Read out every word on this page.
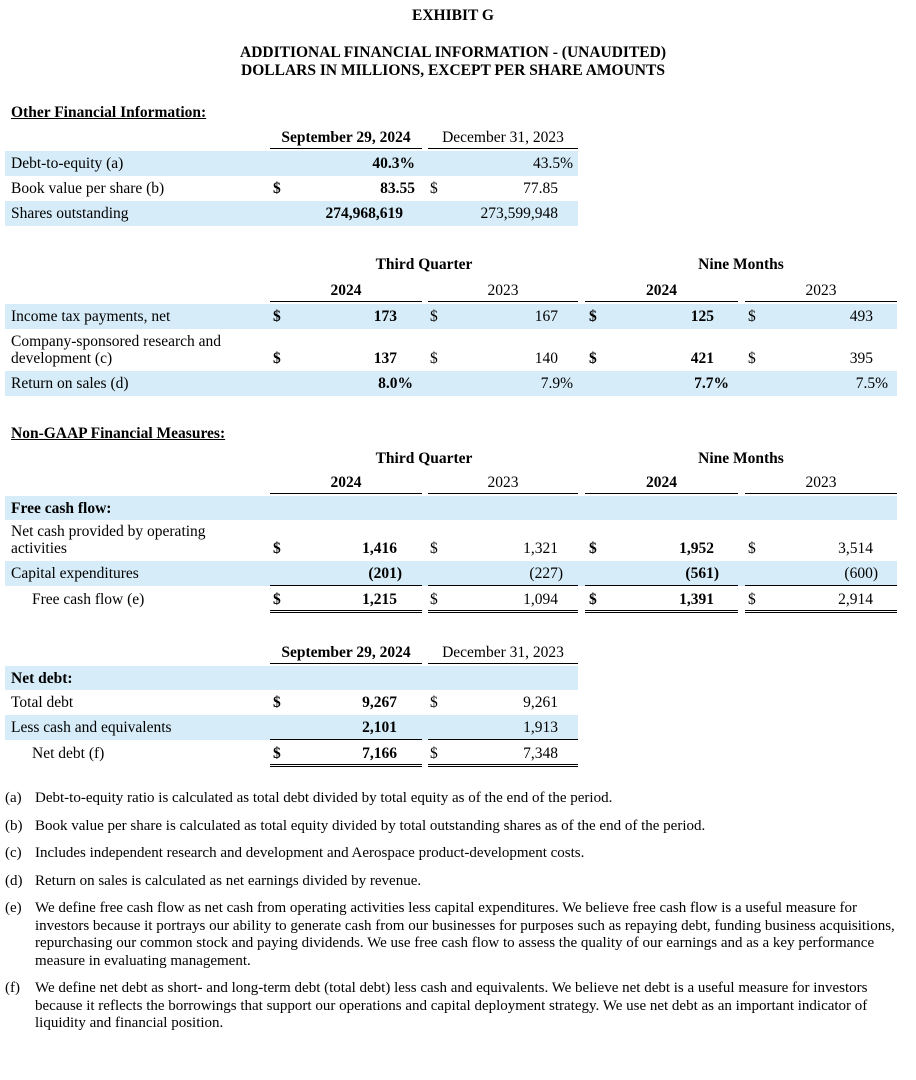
EXHIBIT G
ADDITIONAL FINANCIAL INFORMATION - (UNAUDITED)
DOLLARS IN MILLIONS, EXCEPT PER SHARE AMOUNTS
Other Financial Information:
September 29, 2024	December 31, 2023
Debt-to-equity (a)	40.3%	43.5%
Book value per share (b)	$	83.55 $	77.85
Shares outstanding	274,968,619	273,599,948
Third Quarter	Nine Months
2024	2023	2024	2023
Income tax payments, net	$	173 $	167 $	125 $	493
Company-sponsored research and
development (c)	$	137 $	140 $	421 $	395
Return on sales (d)	8.0%	7.9%	7.7%	7.5%
Non-GAAP Financial Measures:
Third Quarter	Nine Months
2024	2023	2024	2023
Free cash flow:
Net cash provided by operating
activities	$	1,416 $	1,321 $	1,952 $	3,514
Capital expenditures	(201)	(227)	(561)	(600)
Free cash flow (e)	$	1,215 $	1,094 $	1,391 $	2,914
September 29, 2024	December 31, 2023
Net debt:
Total debt	$	9,267 $	9,261
Less cash and equivalents	2,101	1,913
Net debt (f)	$	7,166 $	7,348
(a) Debt-to-equity ratio is calculated as total debt divided by total equity as of the end of the period.
(b) Book value per share is calculated as total equity divided by total outstanding shares as of the end of the period.
(c) Includes independent research and development and Aerospace product-development costs.
(d) Return on sales is calculated as net earnings divided by revenue.
(e) We define free cash flow as net cash from operating activities less capital expenditures. We believe free cash flow is a useful measure for investors because it portrays our ability to generate cash from our businesses for purposes such as repaying debt, funding business acquisitions, repurchasing our common stock and paying dividends. We use free cash flow to assess the quality of our earnings and as a key performance measure in evaluating management.
(f)	We define net debt as short- and long-term debt (total debt) less cash and equivalents. We believe net debt is a useful measure for investors because it reflects the borrowings that support our operations and capital deployment strategy. We use net debt as an important indicator of liquidity and financial position.
